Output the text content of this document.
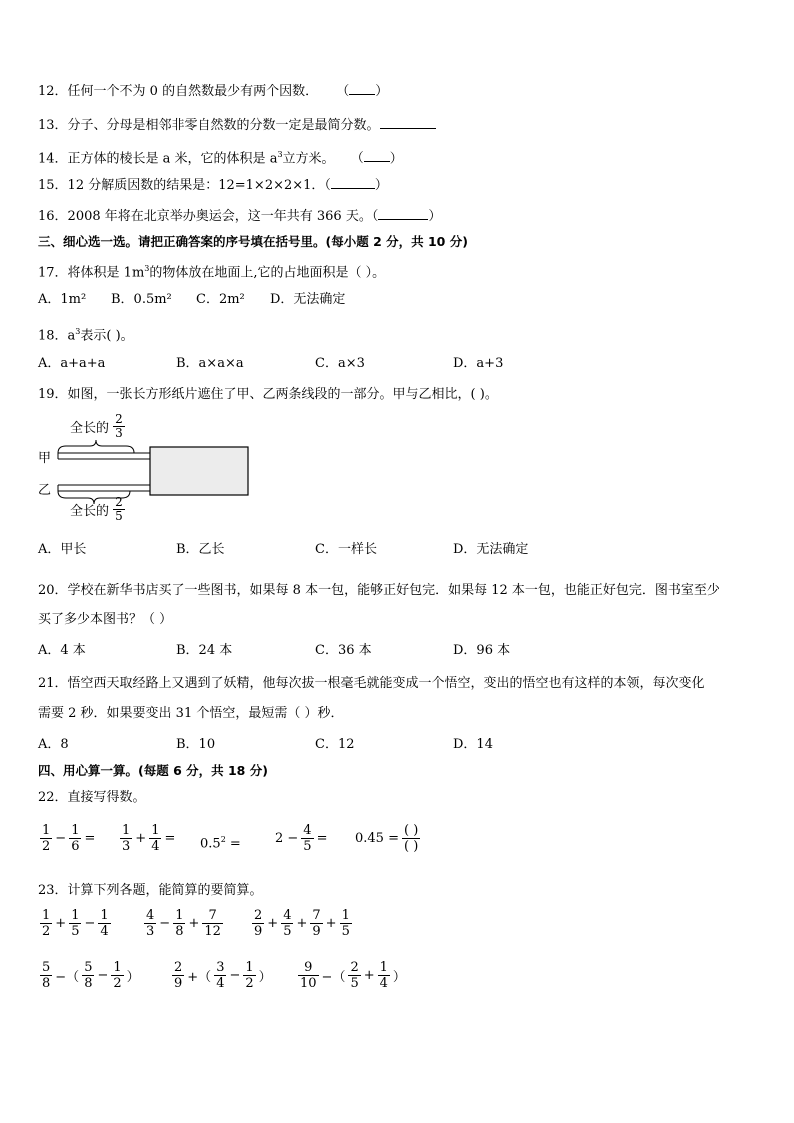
12．任何一个不为 0 的自然数最少有两个因数． （ ）
13．分子、分母是相邻非零自然数的分数一定是最简分数。
14．正方体的棱长是 a 米，它的体积是 $a^3$立方米。 （ ）
15．12 分解质因数的结果是：12=1×2×2×1．（	）
16．2008 年将在北京举办奥运会，这一年共有 366 天。（	）
三、细心选一选。请把正确答案的序号填在括号里。(每小题 2 分，共 10 分)
17．将体积是 $1m^3$的物体放在地面上,它的占地面积是（ ）。
A．1m² B．0.5m² C．2m² D．无法确定
18．$a^3$表示( )。
A．a+a+a	B．a×a×a	C．a×3	D．a+3
19．如图，一张长方形纸片遮住了甲、乙两条线段的一部分。甲与乙相比，( )。
甲
乙
全长的 $\frac{2}{3}$
全长的 $\frac{2}{5}$
A．甲长	B．乙长	C．一样长	D．无法确定
20．学校在新华书店买了一些图书，如果每 8 本一包，能够正好包完．如果每 12 本一包，也能正好包完．图书室至少
买了多少本图书？（ ）
A．4 本	B．24 本	C．36 本	D．96 本
21．悟空西天取经路上又遇到了妖精，他每次拔一根毫毛就能变成一个悟空，变出的悟空也有这样的本领，每次变化
需要 2 秒．如果要变出 31 个悟空，最短需（ ）秒．
A．8	B．10	C．12	D．14
四、用心算一算。(每题 6 分，共 18 分)
22．直接写得数。
$\frac{1}{2} - \frac{1}{6} = \frac{1}{3} + \frac{1}{4} = 0.5^2$ =	$2 - \frac{4}{5} = 0.45 = \frac{( )}{( )}$
23．计算下列各题，能简算的要简算。
$\frac{1}{2} + \frac{1}{5} - \frac{1}{4}$	$\frac{4}{3} - \frac{1}{8} + \frac{7}{12} \frac{2}{9} + \frac{4}{5} + \frac{7}{9} + \frac{1}{5}$
$\frac{5}{8}$ −（ $\frac{5}{8} - \frac{1}{2}$ ） $\frac{2}{9}$ +（ $\frac{3}{4} - \frac{1}{2}$ ） $\frac{9}{10}$ −（ $\frac{2}{5} + \frac{1}{4}$ ）
